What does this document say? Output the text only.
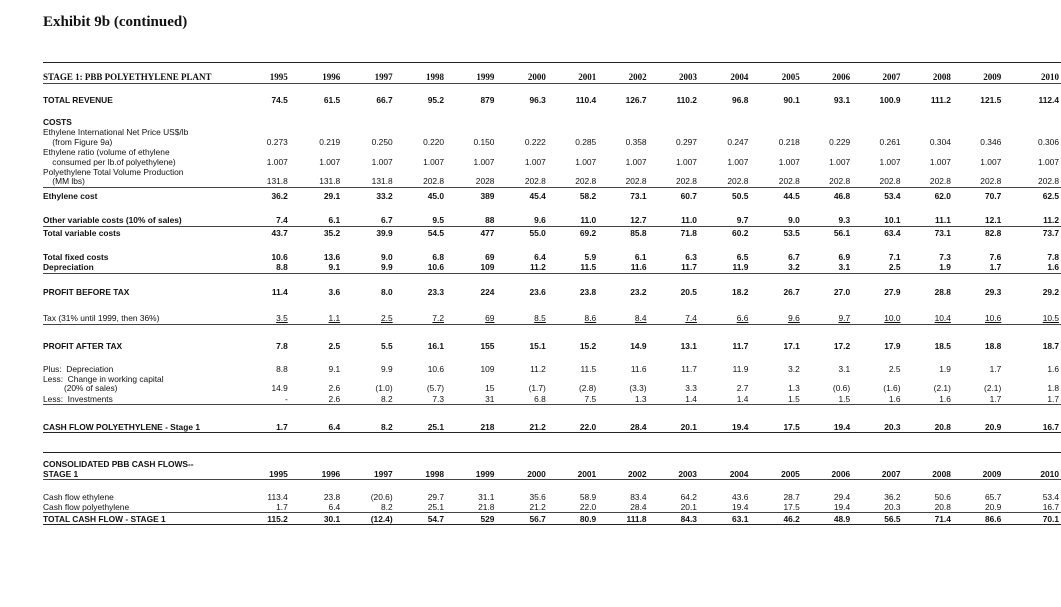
Exhibit 9b (continued)
STAGE 1: PBB POLYETHYLENE PLANT	1995	1996	1997	1998	1999	2000	2001	2002	2003	2004	2005	2006	2007	2008	2009	2010
TOTAL REVENUE	74.5	61.5	66.7	95.2	879	96.3	110.4	126.7	110.2	96.8	90.1	93.1	100.9	111.2	121.5	112.4
COSTS																

Ethylene International Net Price US$/lb
(from Figure 9a)	0.273	0.219	0.250	0.220	0.150	0.222	0.285	0.358	0.297	0.247	0.218	0.229	0.261	0.304	0.346	0.306

Ethylene ratio (volume of ethylene
consumed per lb.of polyethylene)	1.007	1.007	1.007	1.007	1.007	1.007	1.007	1.007	1.007	1.007	1.007	1.007	1.007	1.007	1.007	1.007

Polyethylene Total Volume Production
(MM lbs)	131.8	131.8	131.8	202.8	2028	202.8	202.8	202.8	202.8	202.8	202.8	202.8	202.8	202.8	202.8	202.8
Ethylene cost	36.2	29.1	33.2	45.0	389	45.4	58.2	73.1	60.7	50.5	44.5	46.8	53.4	62.0	70.7	62.5
Other variable costs (10% of sales)	7.4	6.1	6.7	9.5	88	9.6	11.0	12.7	11.0	9.7	9.0	9.3	10.1	11.1	12.1	11.2
Total variable costs	43.7	35.2	39.9	54.5	477	55.0	69.2	85.8	71.8	60.2	53.5	56.1	63.4	73.1	82.8	73.7
Total fixed costs	10.6	13.6	9.0	6.8	69	6.4	5.9	6.1	6.3	6.5	6.7	6.9	7.1	7.3	7.6	7.8
Depreciation	8.8	9.1	9.9	10.6	109	11.2	11.5	11.6	11.7	11.9	3.2	3.1	2.5	1.9	1.7	1.6
PROFIT BEFORE TAX	11.4	3.6	8.0	23.3	224	23.6	23.8	23.2	20.5	18.2	26.7	27.0	27.9	28.8	29.3	29.2
Tax (31% until 1999, then 36%)	3.5	1.1	2.5	7.2	69	8.5	8.6	8.4	7.4	6.6	9.6	9.7	10.0	10.4	10.6	10.5
PROFIT AFTER TAX	7.8	2.5	5.5	16.1	155	15.1	15.2	14.9	13.1	11.7	17.1	17.2	17.9	18.5	18.8	18.7
Plus:  Depreciation	8.8	9.1	9.9	10.6	109	11.2	11.5	11.6	11.7	11.9	3.2	3.1	2.5	1.9	1.7	1.6

Less:  Change in working capital
(20% of sales)	14.9	2.6	(1.0)	(5.7)	15	(1.7)	(2.8)	(3.3)	3.3	2.7	1.3	(0.6)	(1.6)	(2.1)	(2.1)	1.8
Less:  Investments	-	2.6	8.2	7.3	31	6.8	7.5	1.3	1.4	1.4	1.5	1.5	1.6	1.6	1.7	1.7
CASH FLOW POLYETHYLENE - Stage 1	1.7	6.4	8.2	25.1	218	21.2	22.0	28.4	20.1	19.4	17.5	19.4	20.3	20.8	20.9	16.7

CONSOLIDATED PBB CASH FLOWS--
STAGE 1	1995	1996	1997	1998	1999	2000	2001	2002	2003	2004	2005	2006	2007	2008	2009	2010
Cash flow ethylene	113.4	23.8	(20.6)	29.7	31.1	35.6	58.9	83.4	64.2	43.6	28.7	29.4	36.2	50.6	65.7	53.4
Cash flow polyethylene	1.7	6.4	8.2	25.1	21.8	21.2	22.0	28.4	20.1	19.4	17.5	19.4	20.3	20.8	20.9	16.7
TOTAL CASH FLOW - STAGE 1	115.2	30.1	(12.4)	54.7	529	56.7	80.9	111.8	84.3	63.1	46.2	48.9	56.5	71.4	86.6	70.1
